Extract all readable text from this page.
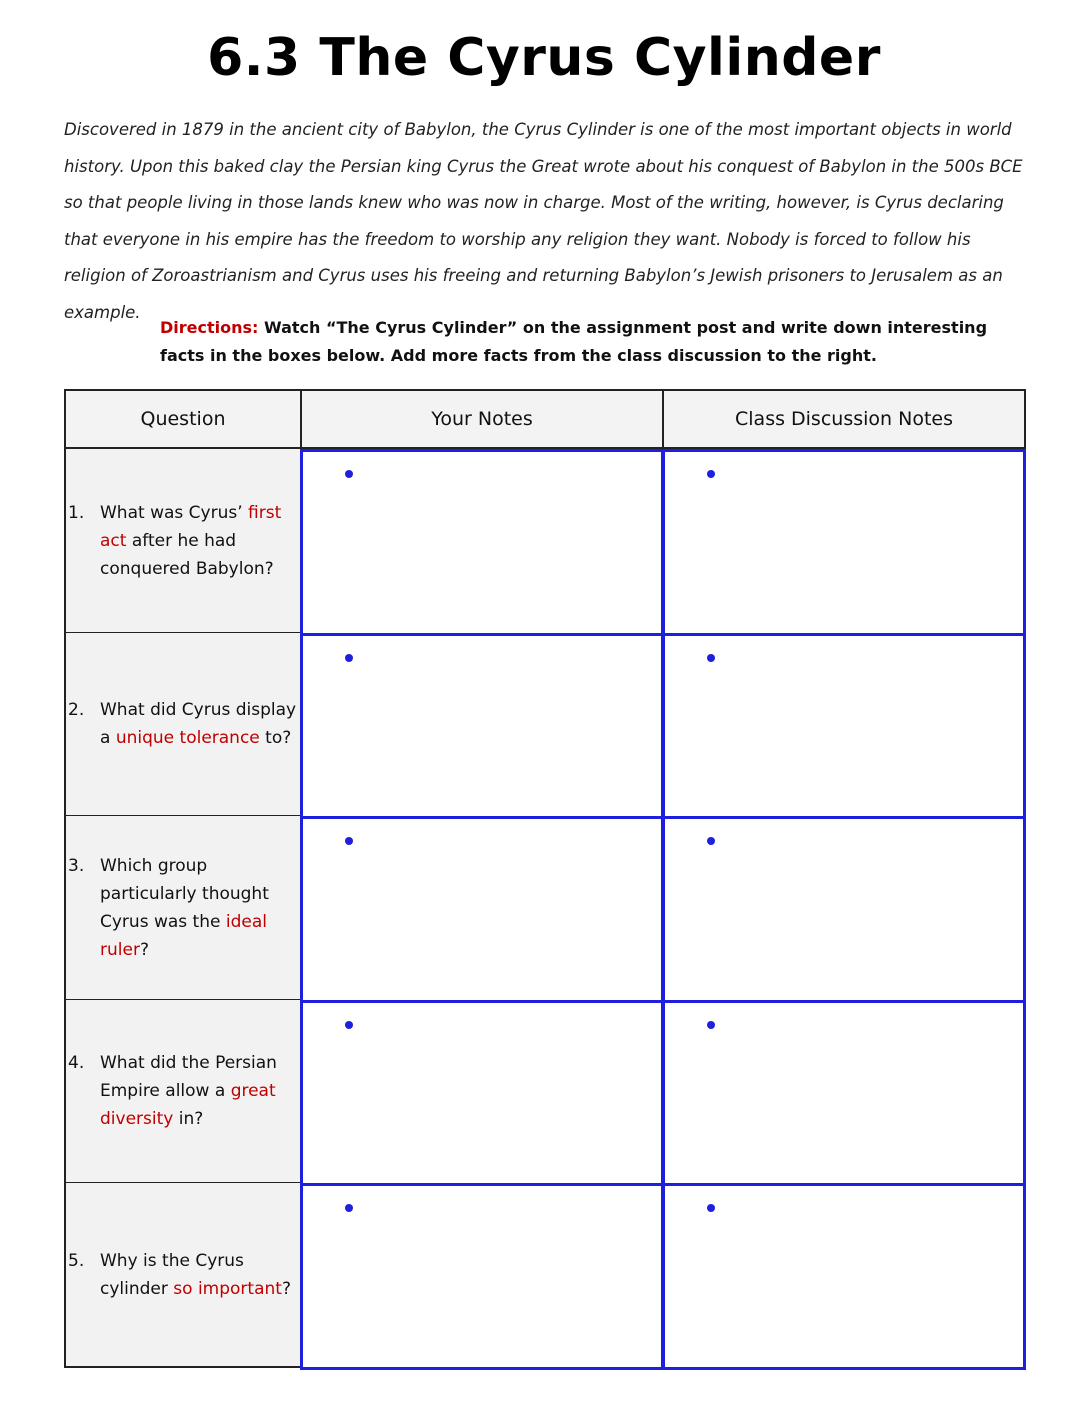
6.3 The Cyrus Cylinder

Discovered in 1879 in the ancient city of Babylon, the Cyrus Cylinder is one of the most important objects in world history. Upon this baked clay the Persian king Cyrus the Great wrote about his conquest of Babylon in the 500s BCE so that people living in those lands knew who was now in charge. Most of the writing, however, is Cyrus declaring that everyone in his empire has the freedom to worship any religion they want. Nobody is forced to follow his religion of Zoroastrianism and Cyrus uses his freeing and returning Babylon’s Jewish prisoners to Jerusalem as an example.

Directions: Watch “The Cyrus Cylinder” on the assignment post and write down interesting facts in the boxes below. Add more facts from the class discussion to the right.

Question	Your Notes	Class Discussion Notes
1. What was Cyrus’ first act after he had conquered Babylon?
2. What did Cyrus display a unique tolerance to?
3. Which group particularly thought Cyrus was the ideal ruler?
4. What did the Persian Empire allow a great diversity in?
5. Why is the Cyrus cylinder so important?
